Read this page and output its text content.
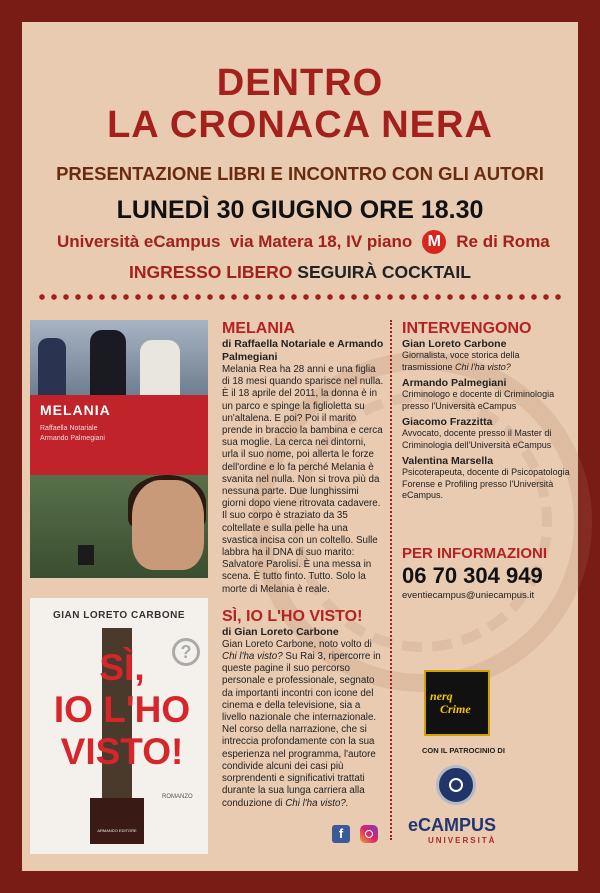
DENTRO
LA CRONACA NERA
PRESENTAZIONE LIBRI E INCONTRO CON GLI AUTORI
LUNEDÌ 30 GIUGNO ORE 18.30
Università eCampus  via Matera 18, IV piano M Re di Roma
INGRESSO LIBERO SEGUIRÀ COCKTAIL
MELANIA
Raffaella Notariale
Armando Palmegiani
GIAN LORETO CARBONE
?
SÌ,
IO L'HO
VISTO!
ROMANZO
ARMANDO EDITORE
MELANIA
di Raffaella Notariale e Armando Palmegiani
Melania Rea ha 28 anni e una figlia di 18 mesi quando sparisce nel nulla. È il 18 aprile del 2011, la donna è in un parco e spinge la figlioletta su un'altalena. E poi? Poi il marito prende in braccio la bambina e cerca sua moglie. La cerca nei dintorni, urla il suo nome, poi allerta le forze dell'ordine e lo fa perché Melania è svanita nel nulla. Non si trova più da nessuna parte. Due lunghissimi giorni dopo viene ritrovata cadavere. Il suo corpo è straziato da 35 coltellate e sulla pelle ha una svastica incisa con un coltello. Sulle labbra ha il DNA di suo marito: Salvatore Parolisi. È una messa in scena. È tutto finto. Tutto. Solo la morte di Melania è reale.
SÌ, IO L'HO VISTO!
di Gian Loreto Carbone
Gian Loreto Carbone, noto volto di Chi l'ha visto? Su Rai 3, ripercorre in queste pagine il suo percorso personale e professionale, segnato da importanti incontri con icone del cinema e della televisione, sia a livello nazionale che internazionale. Nel corso della narrazione, che si intreccia profondamente con la sua esperienza nel programma, l'autore condivide alcuni dei casi più sorprendenti e significativi trattati durante la sua lunga carriera alla conduzione di Chi l'ha visto?.
INTERVENGONO
Gian Loreto Carbone
Giornalista, voce storica della trasmissione Chi l'ha visto?
Armando Palmegiani
Criminologo e docente di Criminologia presso l'Università eCampus
Giacomo Frazzitta
Avvocato, docente presso il Master di Criminologia dell'Università eCampus
Valentina Marsella
Psicoterapeuta, docente di Psicopatologia Forense e Profiling presso l'Università eCampus.
PER INFORMAZIONI
06 70 304 949
eventiecampus@uniecampus.it
nerq
Crime
CON IL PATROCINIO DI
eCAMPUS
UNIVERSITÀ
f
